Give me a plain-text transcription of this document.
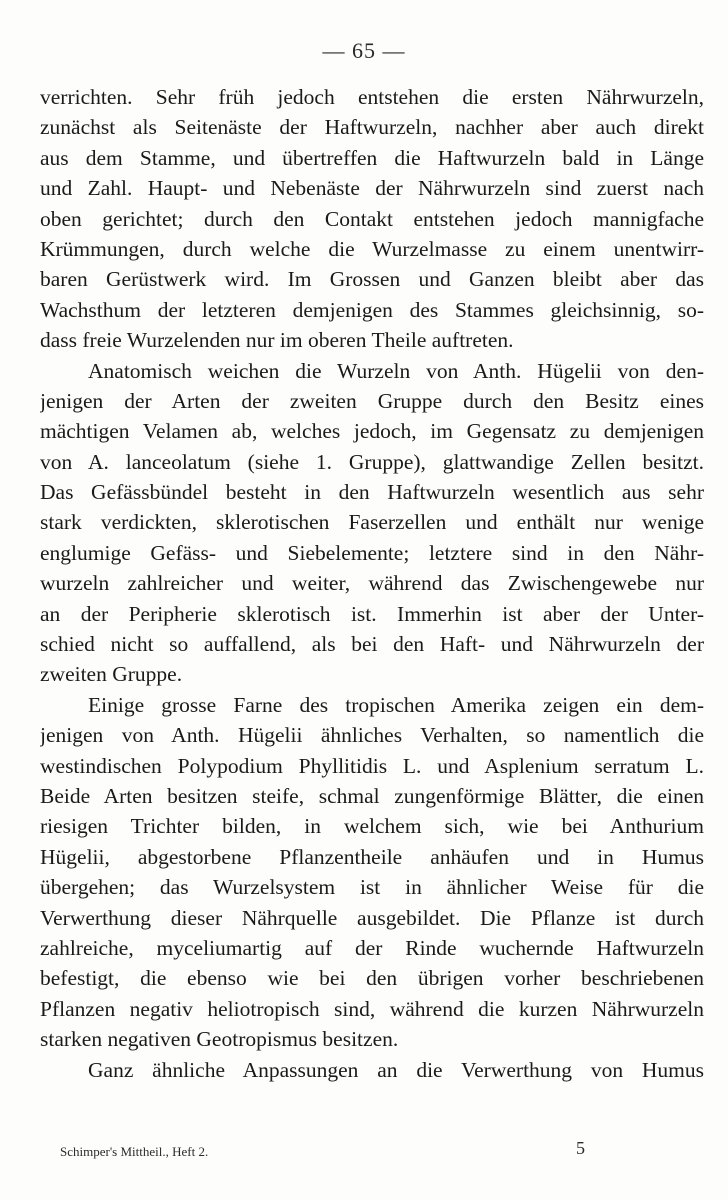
— 65 —
verrichten. Sehr früh jedoch entstehen die ersten Nährwurzeln,
zunächst als Seitenäste der Haftwurzeln, nachher aber auch direkt
aus dem Stamme, und übertreffen die Haftwurzeln bald in Länge
und Zahl. Haupt- und Nebenäste der Nährwurzeln sind zuerst nach
oben gerichtet; durch den Contakt entstehen jedoch mannigfache
Krümmungen, durch welche die Wurzelmasse zu einem unentwirr-
baren Gerüstwerk wird. Im Grossen und Ganzen bleibt aber das
Wachsthum der letzteren demjenigen des Stammes gleichsinnig, so-
dass freie Wurzelenden nur im oberen Theile auftreten.
Anatomisch weichen die Wurzeln von Anth. Hügelii von den-
jenigen der Arten der zweiten Gruppe durch den Besitz eines
mächtigen Velamen ab, welches jedoch, im Gegensatz zu demjenigen
von A. lanceolatum (siehe 1. Gruppe), glattwandige Zellen besitzt.
Das Gefässbündel besteht in den Haftwurzeln wesentlich aus sehr
stark verdickten, sklerotischen Faserzellen und enthält nur wenige
englumige Gefäss- und Siebelemente; letztere sind in den Nähr-
wurzeln zahlreicher und weiter, während das Zwischengewebe nur
an der Peripherie sklerotisch ist. Immerhin ist aber der Unter-
schied nicht so auffallend, als bei den Haft- und Nährwurzeln der
zweiten Gruppe.
Einige grosse Farne des tropischen Amerika zeigen ein dem-
jenigen von Anth. Hügelii ähnliches Verhalten, so namentlich die
westindischen Polypodium Phyllitidis L. und Asplenium serratum L.
Beide Arten besitzen steife, schmal zungenförmige Blätter, die einen
riesigen Trichter bilden, in welchem sich, wie bei Anthurium
Hügelii, abgestorbene Pflanzentheile anhäufen und in Humus
übergehen; das Wurzelsystem ist in ähnlicher Weise für die
Verwerthung dieser Nährquelle ausgebildet. Die Pflanze ist durch
zahlreiche, myceliumartig auf der Rinde wuchernde Haftwurzeln
befestigt, die ebenso wie bei den übrigen vorher beschriebenen
Pflanzen negativ heliotropisch sind, während die kurzen Nährwurzeln
starken negativen Geotropismus besitzen.
Ganz ähnliche Anpassungen an die Verwerthung von Humus
Schimper's Mittheil., Heft 2.	5
